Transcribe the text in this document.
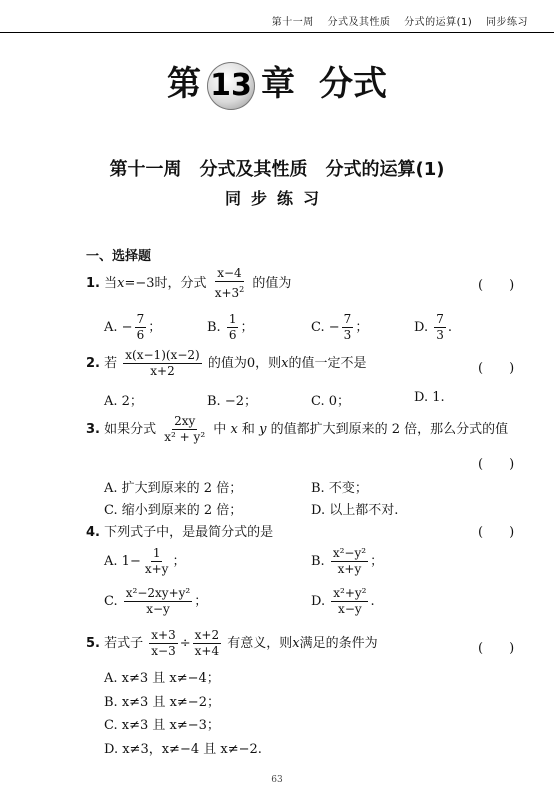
第十一周 分式及其性质 分式的运算(1) 同步练习
第 13 章 分式
第十一周　分式及其性质　分式的运算(1)
同步练习
一、选择题
1. 当x=−3时，分式 $\frac{x-4}{x+3^2}$ 的值为	(　　)
A. − $\frac{7}{6}$ ；	B. $\frac{1}{6}$ ；	C. − $\frac{7}{3}$ ；	D. $\frac{7}{3}$ .
2. 若 $\frac{x(x-1)(x-2)}{x+2}$ 的值为0，则x的值一定不是	(　　)
A. 2；	B. −2；	C. 0；	D. 1.
3. 如果分式 $\frac{2xy}{\text{x² + y²}}$ 中 x 和 y 的值都扩大到原来的 2 倍，那么分式的值
(　　)
A. 扩大到原来的 2 倍；	B. 不变；
C. 缩小到原来的 2 倍；	D. 以上都不对.
4. 下列式子中，是最简分式的是	(　　)
A. $1- \frac{1}{x+y}$ ；	B. $\frac{\text{x²−y²}}{x+y}$ ；
C. $\frac{\text{x²−2xy+y²}}{x-y}$ ；	D. $\frac{\text{x²+y²}}{x-y}$ .
5. 若式子 $\frac{x+3}{x-3} \div \frac{x+2}{x+4}$ 有意义，则x满足的条件为	(　　)
A. x≠3 且 x≠−4；
B. x≠3 且 x≠−2；
C. x≠3 且 x≠−3；
D. x≠3，x≠−4 且 x≠−2.
63
